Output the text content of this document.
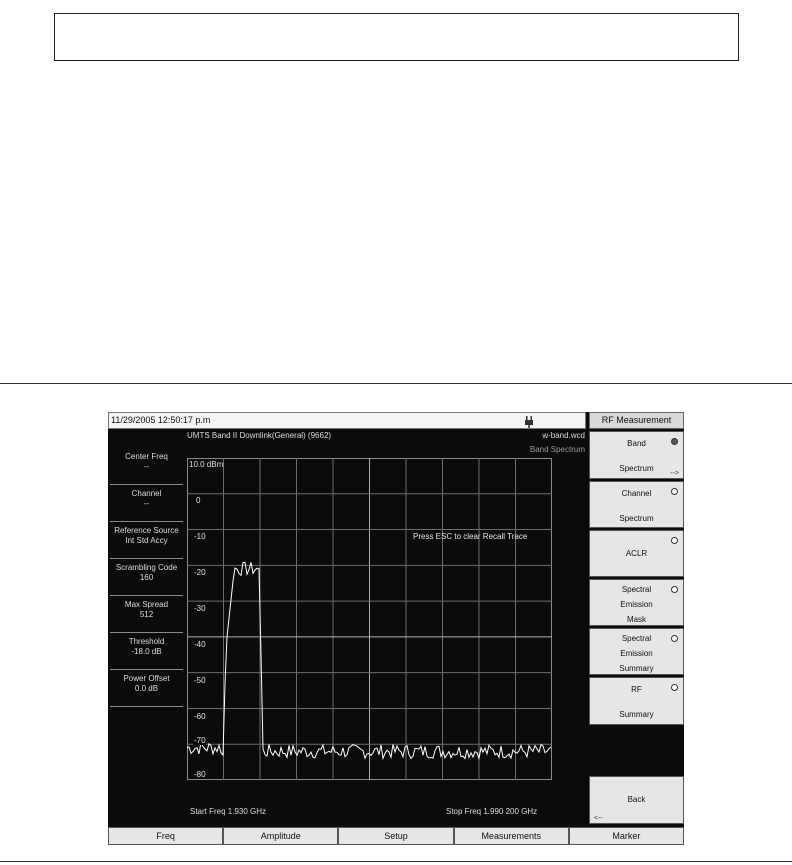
11/29/2005 12:50:17 p.m	RF Measurement
UMTS Band II Downlink(General) (9662)	w-band.wcd
Band Spectrum
Center Freq
--
Channel
--
Reference Source
Int Std Accy
Scrambling Code
160
Max Spread
512
Threshold
-18.0 dB
Power Offset
0.0 dB
10.0 dBm
0
-10
-20
-30
-40
-50
-60
-70
-80
Press ESC to clear Recall Trace
Start Freq 1.930 GHz	Stop Freq 1.990 200 GHz
Band
Spectrum
-->
Channel
Spectrum
ACLR
Spectral
Emission
Mask
Spectral
Emission
Summary
RF
Summary
Back
<--
Freq	Amplitude	Setup	Measurements	Marker
